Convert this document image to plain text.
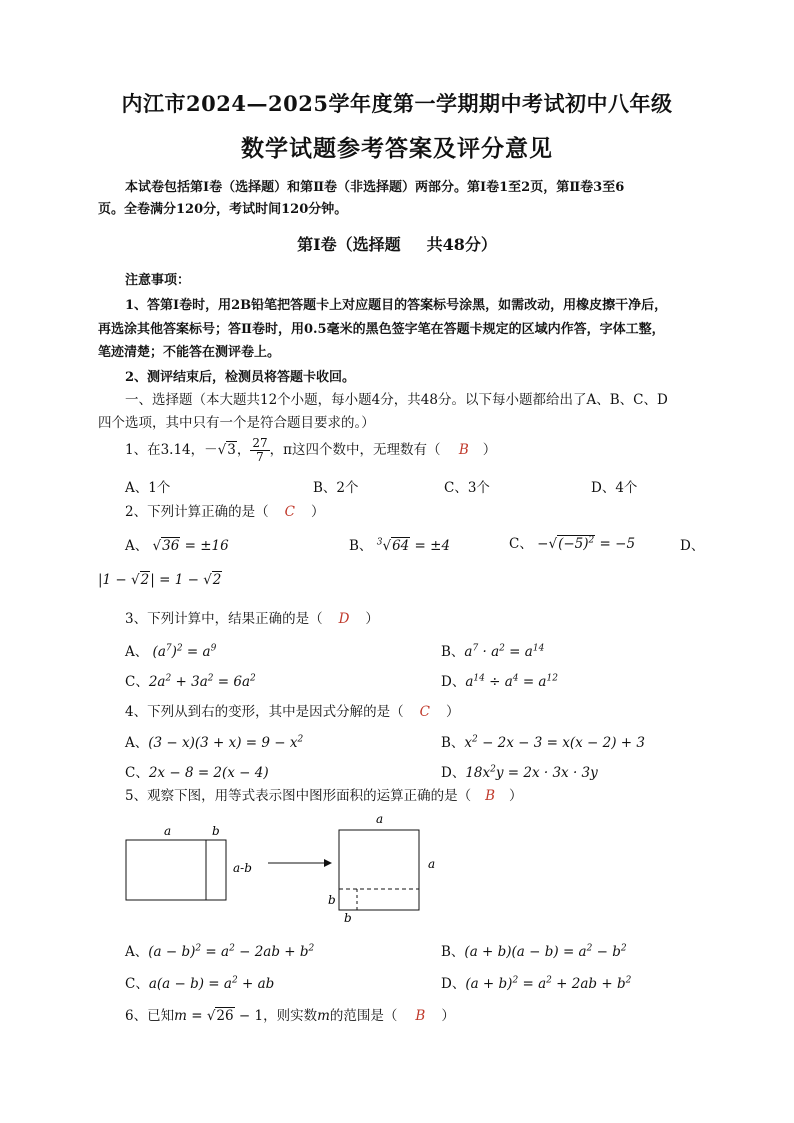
内江市2024—2025学年度第一学期期中考试初中八年级
数学试题参考答案及评分意见
本试卷包括第Ⅰ卷（选择题）和第Ⅱ卷（非选择题）两部分。第Ⅰ卷1至2页，第Ⅱ卷3至6
页。全卷满分120分，考试时间120分钟。
第Ⅰ卷（选择题 共48分）
注意事项：
1、答第Ⅰ卷时，用2B铅笔把答题卡上对应题目的答案标号涂黑，如需改动，用橡皮擦干净后，
再选涂其他答案标号；答Ⅱ卷时，用0.5毫米的黑色签字笔在答题卡规定的区域内作答，字体工整，
笔迹清楚；不能答在测评卷上。
2、测评结束后，检测员将答题卡收回。
一、选择题（本大题共12个小题，每小题4分，共48分。以下每小题都给出了A、B、C、D
四个选项，其中只有一个是符合题目要求的。）
1、在3.14，－√3， $\frac{27}{7}$ ，π这四个数中，无理数有（ B ）
A、1个	B、2个	C、3个	D、4个
2、下列计算正确的是（ C ）
A、 √36 = ±16	B、 $^3$√64 = ±4	C、 $-√(-5)^2 = -5$	D、
|1 − √2| = 1 − √2
3、下列计算中，结果正确的是（ D ）
A、 $(a^7)^2 = a^9$	B、$a^7 \cdot a^2 = a^{14}$
C、$2a^2 + 3a^2 = 6a^2$	D、$a^{14} \div a^4 = a^{12}$
4、下列从到右的变形，其中是因式分解的是（ C ）
A、$(3 - x)(3 + x) = 9 - x^2$	B、$x^2 - 2x - 3 = x(x - 2) + 3$
C、2x − 8 = 2(x − 4)	D、$18x^2y = 2x \cdot 3x \cdot 3y$
5、观察下图，用等式表示图中图形面积的运算正确的是（ B ）
a	b
a-b
a
a
b
b
A、$(a - b)^2 = a^2 - 2ab + b^2$	B、$(a + b)(a - b) = a^2 - b^2$
C、$a(a - b) = a^2$ + ab	D、$(a + b)^2 = a^2 + 2ab + b^2$
6、已知m = √26 − 1，则实数m的范围是（ B ）
